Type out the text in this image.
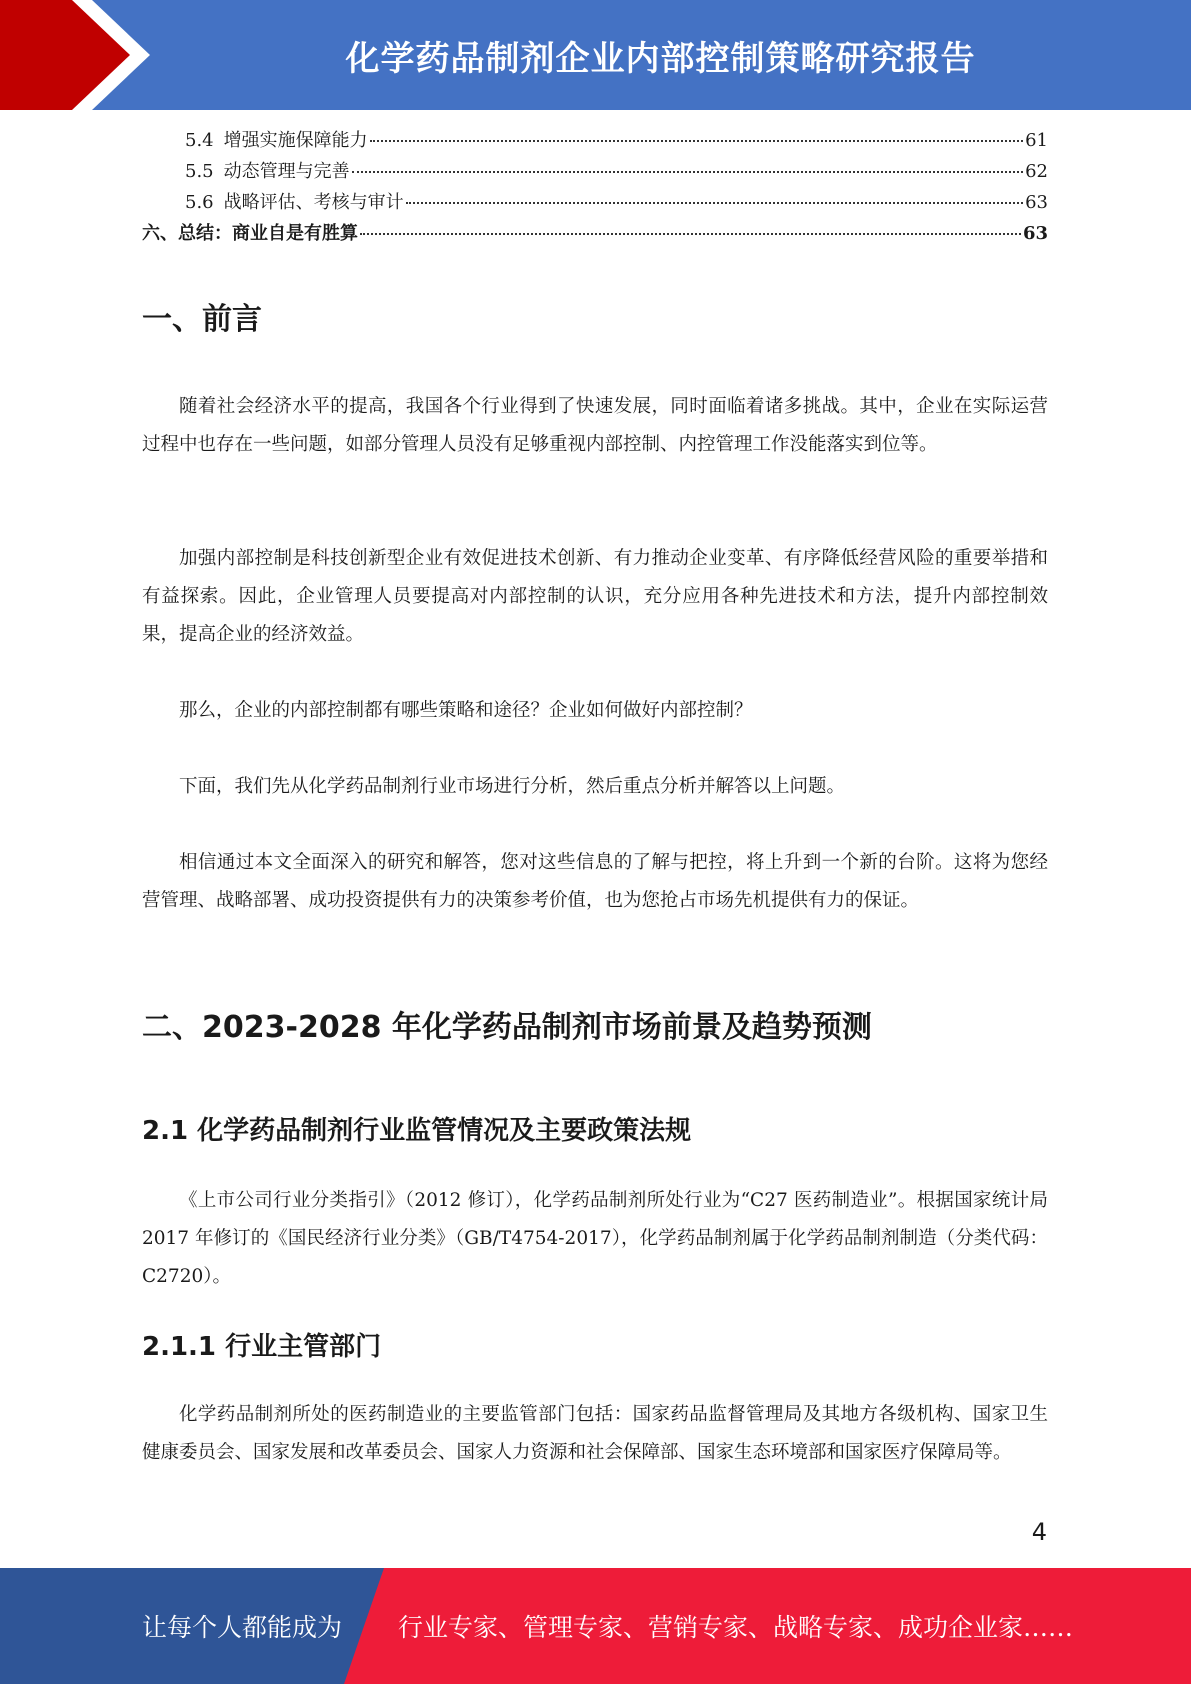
化学药品制剂企业内部控制策略研究报告
5.4 增强实施保障能力	61
5.5 动态管理与完善	62
5.6 战略评估、考核与审计	63
六、总结：商业自是有胜算	63
一、前言

随着社会经济水平的提高，我国各个行业得到了快速发展，同时面临着诸多挑战。其中，企业在实际运营过程中也存在一些问题，如部分管理人员没有足够重视内部控制、内控管理工作没能落实到位等。

加强内部控制是科技创新型企业有效促进技术创新、有力推动企业变革、有序降低经营风险的重要举措和有益探索。因此，企业管理人员要提高对内部控制的认识，充分应用各种先进技术和方法，提升内部控制效果，提高企业的经济效益。

那么，企业的内部控制都有哪些策略和途径？企业如何做好内部控制？

下面，我们先从化学药品制剂行业市场进行分析，然后重点分析并解答以上问题。

相信通过本文全面深入的研究和解答，您对这些信息的了解与把控，将上升到一个新的台阶。这将为您经营管理、战略部署、成功投资提供有力的决策参考价值，也为您抢占市场先机提供有力的保证。

二、2023-2028 年化学药品制剂市场前景及趋势预测
2.1 化学药品制剂行业监管情况及主要政策法规

《上市公司行业分类指引》（2012 修订），化学药品制剂所处行业为“C27 医药制造业”。根据国家统计局 2017 年修订的《国民经济行业分类》（GB/T4754-2017），化学药品制剂属于化学药品制剂制造（分类代码：C2720）。

2.1.1 行业主管部门

化学药品制剂所处的医药制造业的主要监管部门包括：国家药品监督管理局及其地方各级机构、国家卫生健康委员会、国家发展和改革委员会、国家人力资源和社会保障部、国家生态环境部和国家医疗保障局等。

4
让每个人都能成为 行业专家、管理专家、营销专家、战略专家、成功企业家……
